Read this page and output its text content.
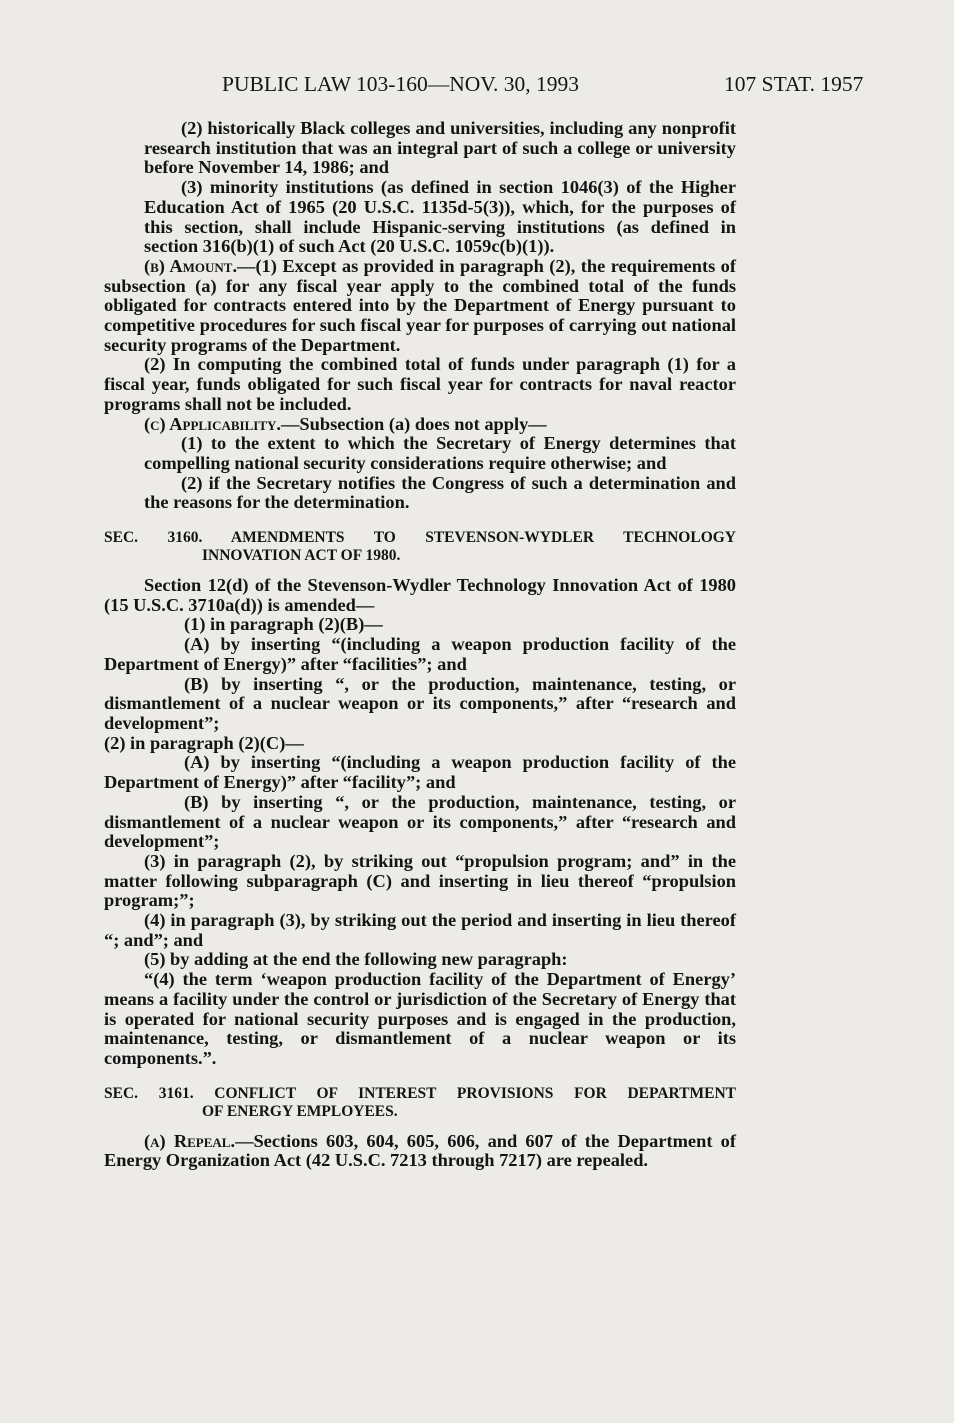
PUBLIC LAW 103-160—NOV. 30, 1993	107 STAT. 1957

(2) historically Black colleges and universities, including any nonprofit research institution that was an integral part of such a college or university before November 14, 1986; and

(3) minority institutions (as defined in section 1046(3) of the Higher Education Act of 1965 (20 U.S.C. 1135d-5(3)), which, for the purposes of this section, shall include Hispanic-serving institutions (as defined in section 316(b)(1) of such Act (20 U.S.C. 1059c(b)(1)).

(b) Amount.—(1) Except as provided in paragraph (2), the requirements of subsection (a) for any fiscal year apply to the combined total of the funds obligated for contracts entered into by the Department of Energy pursuant to competitive procedures for such fiscal year for purposes of carrying out national security programs of the Department.

(2) In computing the combined total of funds under paragraph (1) for a fiscal year, funds obligated for such fiscal year for contracts for naval reactor programs shall not be included.

(c) Applicability.—Subsection (a) does not apply—

(1) to the extent to which the Secretary of Energy determines that compelling national security considerations require otherwise; and

(2) if the Secretary notifies the Congress of such a determination and the reasons for the determination.

SEC. 3160. AMENDMENTS TO STEVENSON-WYDLER TECHNOLOGY
INNOVATION ACT OF 1980.

Section 12(d) of the Stevenson-Wydler Technology Innovation Act of 1980 (15 U.S.C. 3710a(d)) is amended—

(1) in paragraph (2)(B)—

(A) by inserting “(including a weapon production facility of the Department of Energy)” after “facilities”; and

(B) by inserting “, or the production, maintenance, testing, or dismantlement of a nuclear weapon or its components,” after “research and development”;

(2) in paragraph (2)(C)—

(A) by inserting “(including a weapon production facility of the Department of Energy)” after “facility”; and

(B) by inserting “, or the production, maintenance, testing, or dismantlement of a nuclear weapon or its components,” after “research and development”;

(3) in paragraph (2), by striking out “propulsion program; and” in the matter following subparagraph (C) and inserting in lieu thereof “propulsion program;”;

(4) in paragraph (3), by striking out the period and inserting in lieu thereof “; and”; and

(5) by adding at the end the following new paragraph:

“(4) the term ‘weapon production facility of the Department of Energy’ means a facility under the control or jurisdiction of the Secretary of Energy that is operated for national security purposes and is engaged in the production, maintenance, testing, or dismantlement of a nuclear weapon or its components.”.

SEC. 3161. CONFLICT OF INTEREST PROVISIONS FOR DEPARTMENT
OF ENERGY EMPLOYEES.

(a) Repeal.—Sections 603, 604, 605, 606, and 607 of the Department of Energy Organization Act (42 U.S.C. 7213 through 7217) are repealed.
